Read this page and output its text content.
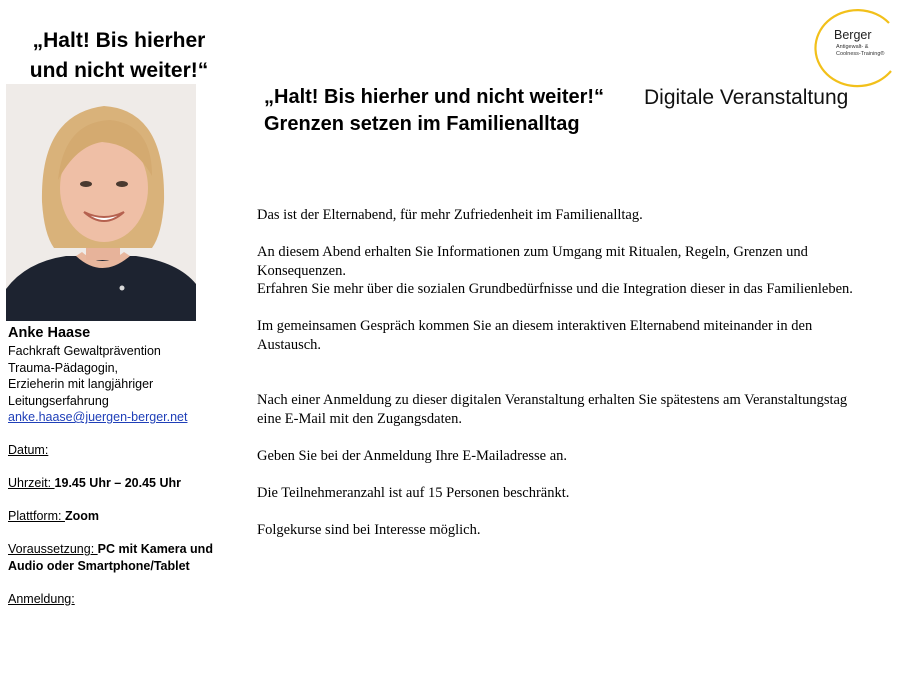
„Halt! Bis hierher
und nicht weiter!“
Anke Haase
Fachkraft Gewaltprävention
Trauma-Pädagogin,
Erzieherin mit langjähriger
Leitungserfahrung
anke.haase@juergen-berger.net
Datum:
Uhrzeit: 19.45 Uhr – 20.45 Uhr
Plattform: Zoom
Voraussetzung: PC mit Kamera und
Audio oder Smartphone/Tablet
Anmeldung:
„Halt! Bis hierher und nicht weiter!“
Grenzen setzen im Familienalltag
Digitale Veranstaltung
Berger
Antigewalt- &
Coolness-Training®

Das ist der Elternabend, für mehr Zufriedenheit im Familienalltag.

An diesem Abend erhalten Sie Informationen zum Umgang mit Ritualen, Regeln, Grenzen und

Konsequenzen.

Erfahren Sie mehr über die sozialen Grundbedürfnisse und die Integration dieser in das Familienleben.

Im gemeinsamen Gespräch kommen Sie an diesem interaktiven Elternabend miteinander in den

Austausch.

Nach einer Anmeldung zu dieser digitalen Veranstaltung erhalten Sie spätestens am Veranstaltungstag

eine E-Mail mit den Zugangsdaten.

Geben Sie bei der Anmeldung Ihre E-Mailadresse an.

Die Teilnehmeranzahl ist auf 15 Personen beschränkt.

Folgekurse sind bei Interesse möglich.
